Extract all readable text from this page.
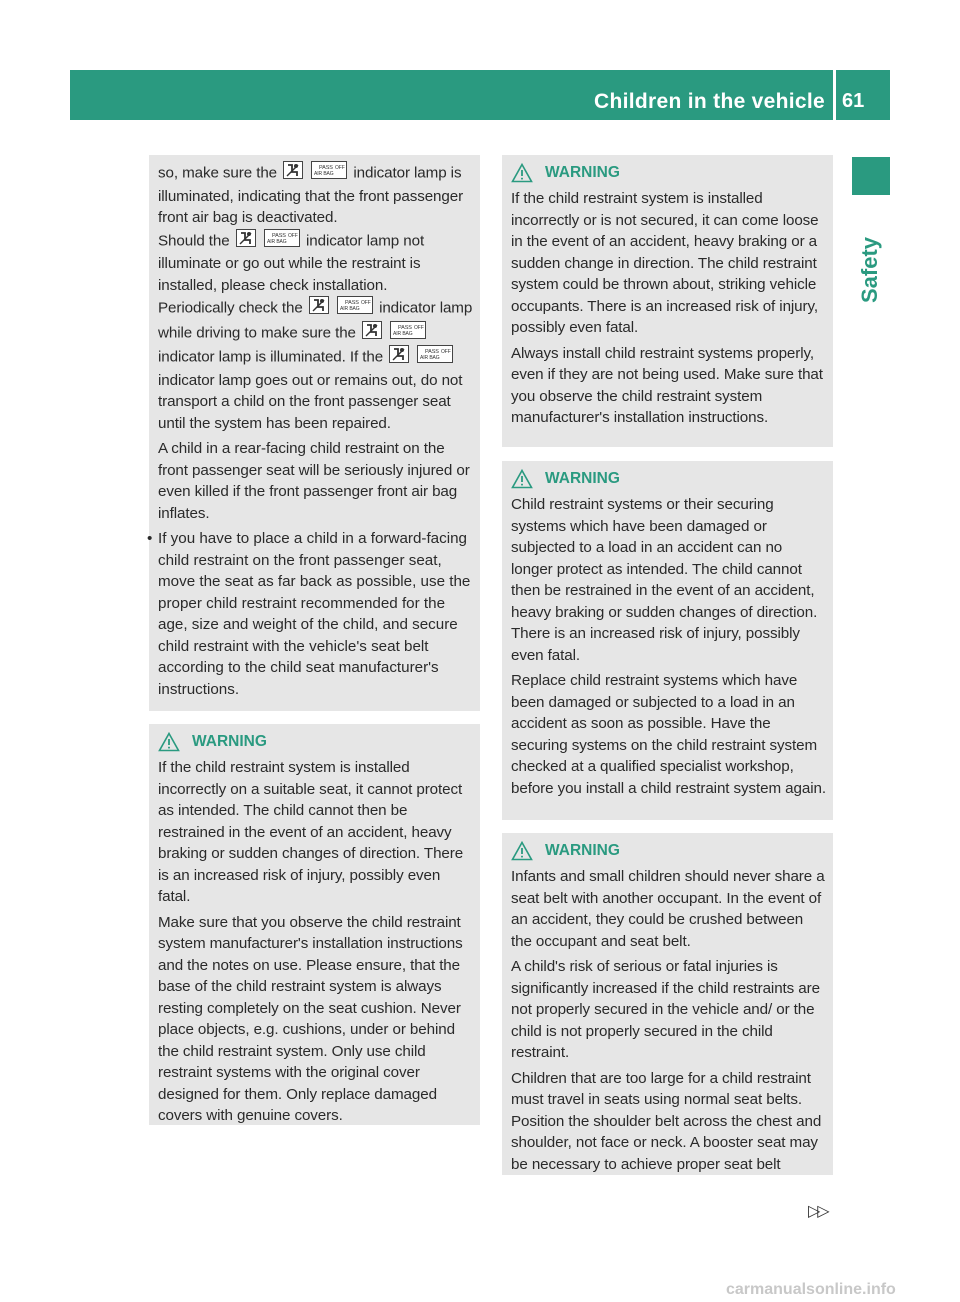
Children in the vehicle 61
Safety

so, make sure the	PASS
AIR BAG
OFF indicator lamp is illuminated, indicating that the front passenger front air bag is deactivated.

Should the	PASS
AIR BAG
OFF indicator lamp not illuminate or go out while the restraint is installed, please check installation.

Periodically check the	PASS
AIR BAG
OFF indicator lamp while driving to make sure the	PASS
AIR BAG
OFF
indicator lamp is illuminated. If the	PASS
AIR BAG
OFF
indicator lamp goes out or remains out, do not transport a child on the front passenger seat until the system has been repaired.

A child in a rear-facing child restraint on the front passenger seat will be seriously injured or even killed if the front passenger front air bag inflates.

• If you have to place a child in a forward-facing child restraint on the front passenger seat, move the seat as far back as possible, use the proper child restraint recommended for the age, size and weight of the child, and secure child restraint with the vehicle's seat belt according to the child seat manufacturer's instructions.
WARNING

If the child restraint system is installed incorrectly on a suitable seat, it cannot protect as intended. The child cannot then be restrained in the event of an accident, heavy braking or sudden changes of direction. There is an increased risk of injury, possibly even fatal.

Make sure that you observe the child restraint system manufacturer's installation instructions and the notes on use. Please ensure, that the base of the child restraint system is always resting completely on the seat cushion. Never place objects, e.g. cushions, under or behind the child restraint system. Only use child restraint systems with the original cover designed for them. Only replace damaged covers with genuine covers.

WARNING

If the child restraint system is installed incorrectly or is not secured, it can come loose in the event of an accident, heavy braking or a sudden change in direction. The child restraint system could be thrown about, striking vehicle occupants. There is an increased risk of injury, possibly even fatal.

Always install child restraint systems properly, even if they are not being used. Make sure that you observe the child restraint system manufacturer's installation instructions.

WARNING

Child restraint systems or their securing systems which have been damaged or subjected to a load in an accident can no longer protect as intended. The child cannot then be restrained in the event of an accident, heavy braking or sudden changes of direction. There is an increased risk of injury, possibly even fatal.

Replace child restraint systems which have been damaged or subjected to a load in an accident as soon as possible. Have the securing systems on the child restraint system checked at a qualified specialist workshop, before you install a child restraint system again.

WARNING

Infants and small children should never share a seat belt with another occupant. In the event of an accident, they could be crushed between the occupant and seat belt.

A child's risk of serious or fatal injuries is significantly increased if the child restraints are not properly secured in the vehicle and/ or the child is not properly secured in the child restraint.

Children that are too large for a child restraint must travel in seats using normal seat belts. Position the shoulder belt across the chest and shoulder, not face or neck. A booster seat may be necessary to achieve proper seat belt

▷▷
carmanualsonline.info
